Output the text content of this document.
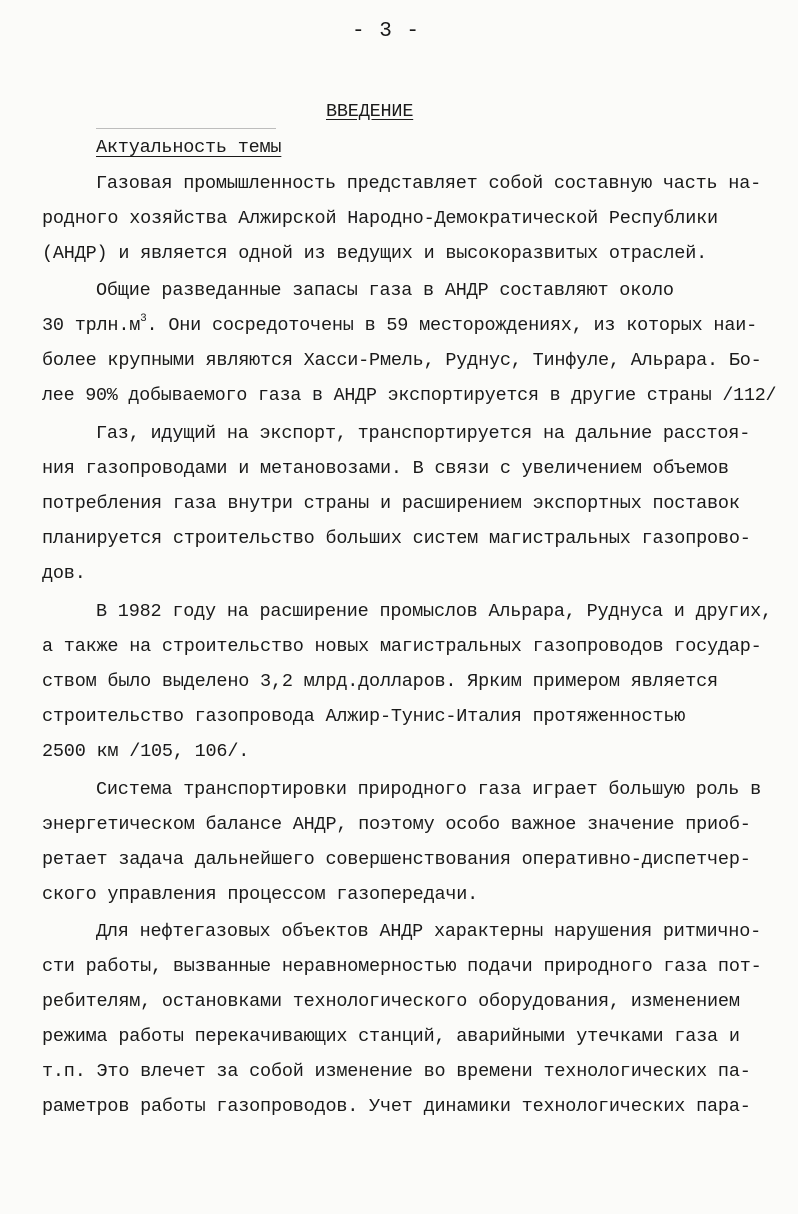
- 3 -
ВВЕДЕНИЕ
Актуальность темы
Газовая промышленность представляет собой составную часть на-
родного хозяйства Алжирской Народно-Демократической Республики
(АНДР) и является одной из ведущих и высокоразвитых отраслей.
Общие разведанные запасы газа в АНДР составляют около
30 $трлн.м^3$. Они сосредоточены в 59 месторождениях, из которых наи-
более крупными являются Хасси-Рмель, Руднус, Тинфуле, Альрара. Бо-
лее 90% добываемого газа в АНДР экспортируется в другие страны /112/
Газ, идущий на экспорт, транспортируется на дальние расстоя-
ния газопроводами и метановозами. В связи с увеличением объемов
потребления газа внутри страны и расширением экспортных поставок
планируется строительство больших систем магистральных газопрово-
дов.
В 1982 году на расширение промыслов Альрара, Руднуса и других,
а также на строительство новых магистральных газопроводов государ-
ством было выделено 3,2 млрд.долларов. Ярким примером является
строительство газопровода Алжир-Тунис-Италия протяженностью
2500 км /105, 106/.
Система транспортировки природного газа играет большую роль в
энергетическом балансе АНДР, поэтому особо важное значение приоб-
ретает задача дальнейшего совершенствования оперативно-диспетчер-
ского управления процессом газопередачи.
Для нефтегазовых объектов АНДР характерны нарушения ритмично-
сти работы, вызванные неравномерностью подачи природного газа пот-
ребителям, остановками технологического оборудования, изменением
режима работы перекачивающих станций, аварийными утечками газа и
т.п. Это влечет за собой изменение во времени технологических па-
раметров работы газопроводов. Учет динамики технологических пара-
